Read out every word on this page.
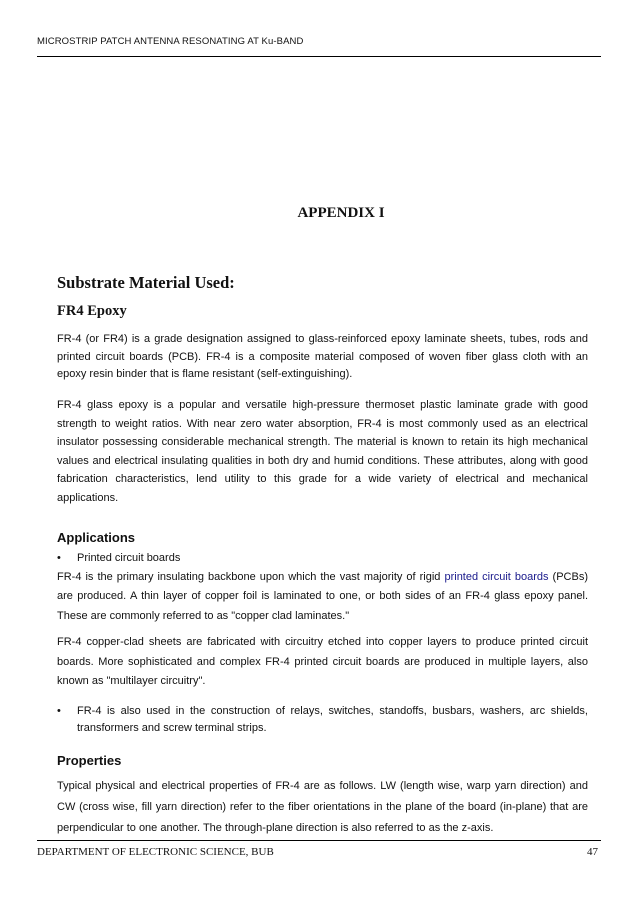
MICROSTRIP PATCH ANTENNA RESONATING AT Ku-BAND
APPENDIX I
Substrate Material Used:
FR4 Epoxy

FR-4 (or FR4) is a grade designation assigned to glass-reinforced epoxy laminate sheets, tubes, rods and printed circuit boards (PCB). FR-4 is a composite material composed of woven fiber glass cloth with an epoxy resin binder that is flame resistant (self-extinguishing).

FR-4 glass epoxy is a popular and versatile high-pressure thermoset plastic laminate grade with good strength to weight ratios. With near zero water absorption, FR-4 is most commonly used as an electrical insulator possessing considerable mechanical strength. The material is known to retain its high mechanical values and electrical insulating qualities in both dry and humid conditions. These attributes, along with good fabrication characteristics, lend utility to this grade for a wide variety of electrical and mechanical applications.

Applications
•	Printed circuit boards

FR-4 is the primary insulating backbone upon which the vast majority of rigid printed circuit boards (PCBs) are produced. A thin layer of copper foil is laminated to one, or both sides of an FR-4 glass epoxy panel. These are commonly referred to as "copper clad laminates."

FR-4 copper-clad sheets are fabricated with circuitry etched into copper layers to produce printed circuit boards. More sophisticated and complex FR-4 printed circuit boards are produced in multiple layers, also known as "multilayer circuitry".

•	FR-4 is also used in the construction of relays, switches, standoffs, busbars, washers, arc shields, transformers and screw terminal strips.
Properties

Typical physical and electrical properties of FR-4 are as follows. LW (length wise, warp yarn direction) and CW (cross wise, fill yarn direction) refer to the fiber orientations in the plane of the board (in-plane) that are perpendicular to one another. The through-plane direction is also referred to as the z-axis.

DEPARTMENT OF ELECTRONIC SCIENCE, BUB	47
